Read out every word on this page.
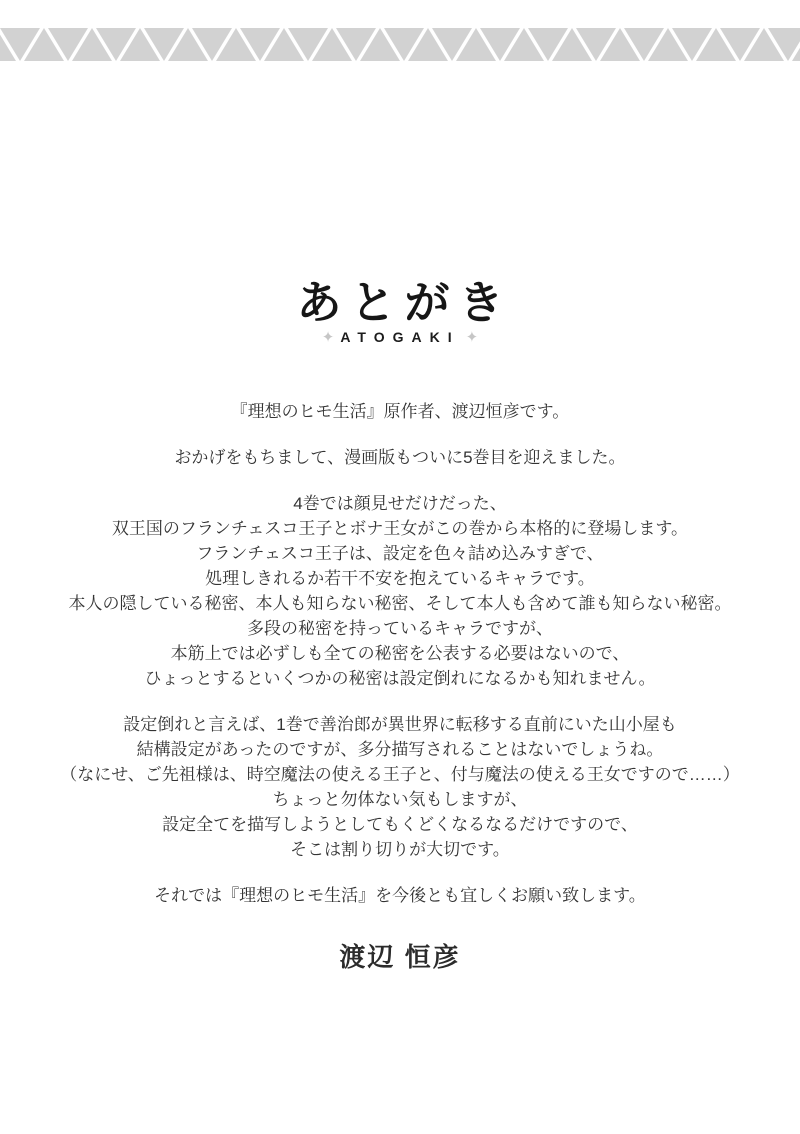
あとがき
✦ ATOGAKI ✦
『理想のヒモ生活』原作者、渡辺恒彦です。
おかげをもちまして、漫画版もついに5巻目を迎えました。
4巻では顔見せだけだった、
双王国のフランチェスコ王子とボナ王女がこの巻から本格的に登場します。
フランチェスコ王子は、設定を色々詰め込みすぎで、
処理しきれるか若干不安を抱えているキャラです。
本人の隠している秘密、本人も知らない秘密、そして本人も含めて誰も知らない秘密。
多段の秘密を持っているキャラですが、
本筋上では必ずしも全ての秘密を公表する必要はないので、
ひょっとするといくつかの秘密は設定倒れになるかも知れません。
設定倒れと言えば、1巻で善治郎が異世界に転移する直前にいた山小屋も
結構設定があったのですが、多分描写されることはないでしょうね。
（なにせ、ご先祖様は、時空魔法の使える王子と、付与魔法の使える王女ですので……）
ちょっと勿体ない気もしますが、
設定全てを描写しようとしてもくどくなるなるだけですので、
そこは割り切りが大切です。
それでは『理想のヒモ生活』を今後とも宜しくお願い致します。
渡辺 恒彦
